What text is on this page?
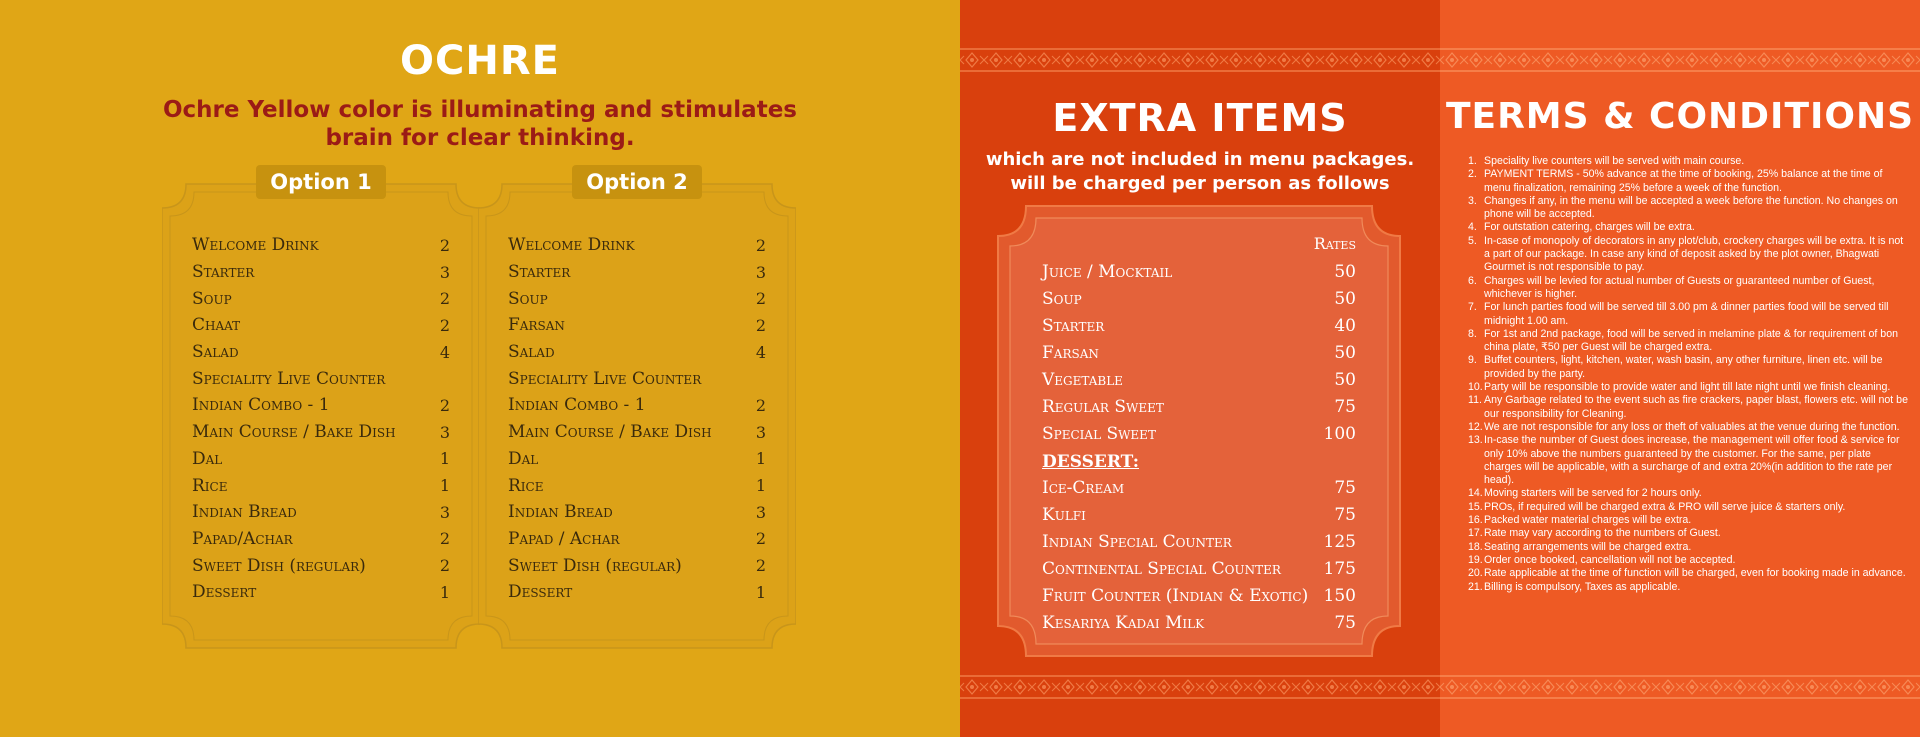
OCHRE
Ochre Yellow color is illuminating and stimulates
brain for clear thinking.
Option 1
Welcome Drink	2
Starter	3
Soup	2
Chaat	2
Salad	4
Speciality Live Counter
Indian Combo - 1	2
Main Course / Bake Dish	3
Dal	1
Rice	1
Indian Bread	3
Papad/Achar	2
Sweet Dish (regular)	2
Dessert	1
Option 2
Welcome Drink	2
Starter	3
Soup	2
Farsan	2
Salad	4
Speciality Live Counter
Indian Combo - 1	2
Main Course / Bake Dish	3
Dal	1
Rice	1
Indian Bread	3
Papad / Achar	2
Sweet Dish (regular)	2
Dessert	1
EXTRA ITEMS
which are not included in menu packages.
will be charged per person as follows
Rates
Juice / Mocktail	50
Soup	50
Starter	40
Farsan	50
Vegetable	50
Regular Sweet	75
Special Sweet	100
DESSERT:
Ice-Cream	75
Kulfi	75
Indian Special Counter	125
Continental Special Counter	175
Fruit Counter (Indian & Exotic) 150
Kesariya Kadai Milk	75
TERMS & CONDITIONS
1. Speciality live counters will be served with main course.
2. PAYMENT TERMS - 50% advance at the time of booking, 25% balance at the time of menu finalization, remaining 25% before a week of the function.
3. Changes if any, in the menu will be accepted a week before the function. No changes on phone will be accepted.
4. For outstation catering, charges will be extra.
5. In-case of monopoly of decorators in any plot/club, crockery charges will be extra. It is not a part of our package. In case any kind of deposit asked by the plot owner, Bhagwati Gourmet is not responsible to pay.
6. Charges will be levied for actual number of Guests or guaranteed number of Guest, whichever is higher.
7. For lunch parties food will be served till 3.00 pm & dinner parties food will be served till midnight 1.00 am.
8. For 1st and 2nd package, food will be served in melamine plate & for requirement of bon china plate, ₹50 per Guest will be charged extra.
9. Buffet counters, light, kitchen, water, wash basin, any other furniture, linen etc. will be provided by the party.
10. Party will be responsible to provide water and light till late night until we finish cleaning.
11. Any Garbage related to the event such as fire crackers, paper blast, flowers etc. will not be our responsibility for Cleaning.
12. We are not responsible for any loss or theft of valuables at the venue during the function.
13. In-case the number of Guest does increase, the management will offer food & service for only 10% above the numbers guaranteed by the customer. For the same, per plate charges will be applicable, with a surcharge of and extra 20%(in addition to the rate per head).
14. Moving starters will be served for 2 hours only.
15. PROs, if required will be charged extra & PRO will serve juice & starters only.
16. Packed water material charges will be extra.
17. Rate may vary according to the numbers of Guest.
18. Seating arrangements will be charged extra.
19. Order once booked, cancellation will not be accepted.
20. Rate applicable at the time of function will be charged, even for booking made in advance.
21. Billing is compulsory, Taxes as applicable.
